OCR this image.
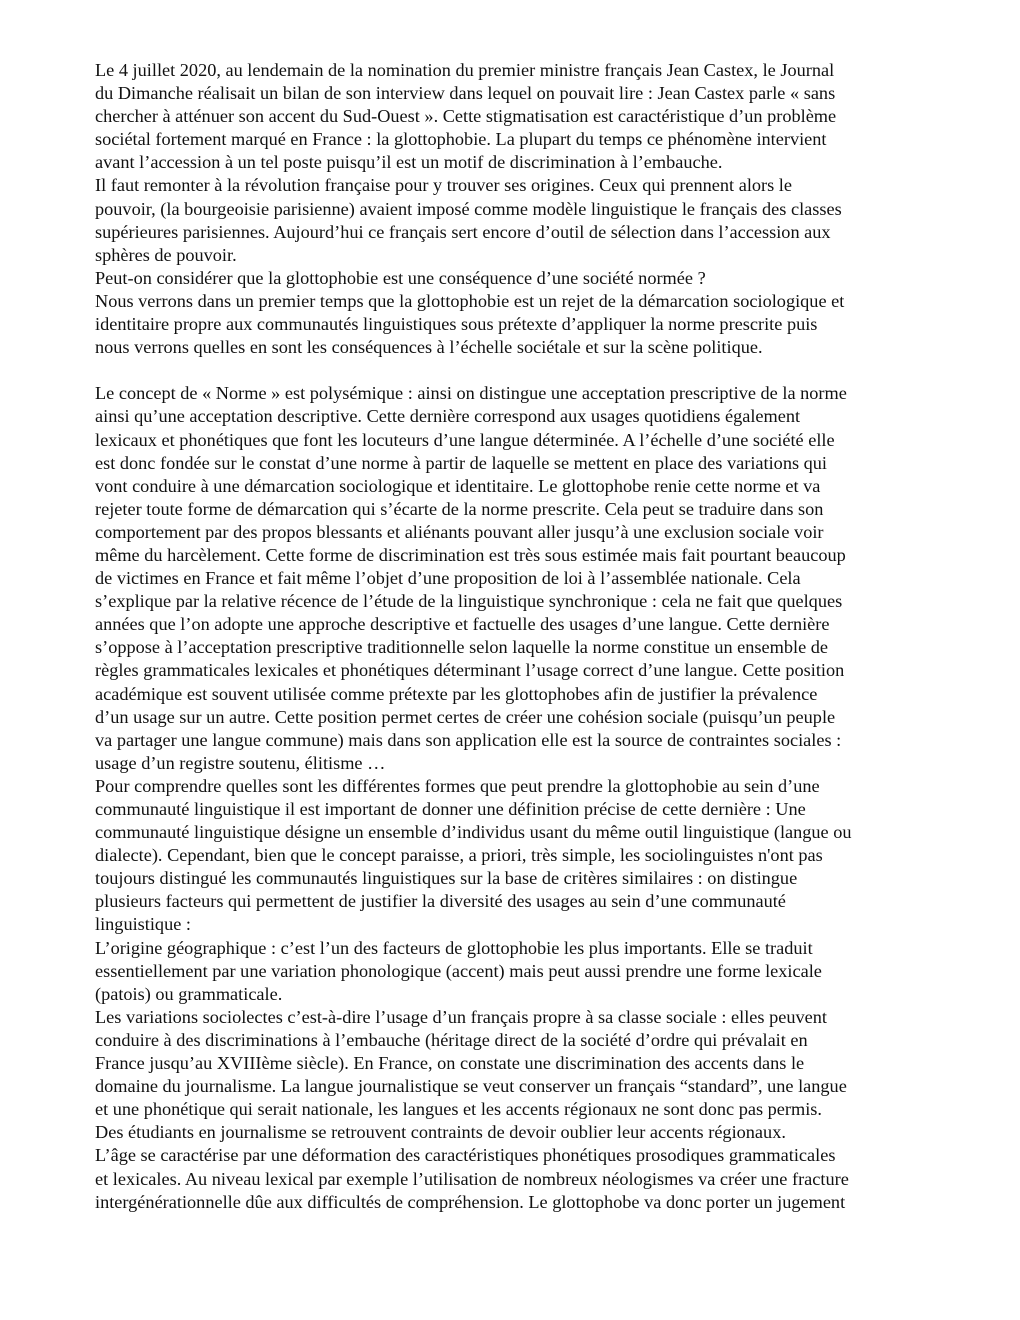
Le 4 juillet 2020, au lendemain de la nomination du premier ministre français Jean Castex, le Journal
du Dimanche réalisait un bilan de son interview dans lequel on pouvait lire : Jean Castex parle « sans
chercher à atténuer son accent du Sud-Ouest ». Cette stigmatisation est caractéristique d’un problème
sociétal fortement marqué en France : la glottophobie. La plupart du temps ce phénomène intervient
avant l’accession à un tel poste puisqu’il est un motif de discrimination à l’embauche.
Il faut remonter à la révolution française pour y trouver ses origines. Ceux qui prennent alors le
pouvoir, (la bourgeoisie parisienne) avaient imposé comme modèle linguistique le français des classes
supérieures parisiennes. Aujourd’hui ce français sert encore d’outil de sélection dans l’accession aux
sphères de pouvoir.
Peut-on considérer que la glottophobie est une conséquence d’une société normée ?
Nous verrons dans un premier temps que la glottophobie est un rejet de la démarcation sociologique et
identitaire propre aux communautés linguistiques sous prétexte d’appliquer la norme prescrite puis
nous verrons quelles en sont les conséquences à l’échelle sociétale et sur la scène politique.
Le concept de « Norme » est polysémique : ainsi on distingue une acceptation prescriptive de la norme
ainsi qu’une acceptation descriptive. Cette dernière correspond aux usages quotidiens également
lexicaux et phonétiques que font les locuteurs d’une langue déterminée. A l’échelle d’une société elle
est donc fondée sur le constat d’une norme à partir de laquelle se mettent en place des variations qui
vont conduire à une démarcation sociologique et identitaire. Le glottophobe renie cette norme et va
rejeter toute forme de démarcation qui s’écarte de la norme prescrite. Cela peut se traduire dans son
comportement par des propos blessants et aliénants pouvant aller jusqu’à une exclusion sociale voir
même du harcèlement. Cette forme de discrimination est très sous estimée mais fait pourtant beaucoup
de victimes en France et fait même l’objet d’une proposition de loi à l’assemblée nationale. Cela
s’explique par la relative récence de l’étude de la linguistique synchronique : cela ne fait que quelques
années que l’on adopte une approche descriptive et factuelle des usages d’une langue. Cette dernière
s’oppose à l’acceptation prescriptive traditionnelle selon laquelle la norme constitue un ensemble de
règles grammaticales lexicales et phonétiques déterminant l’usage correct d’une langue. Cette position
académique est souvent utilisée comme prétexte par les glottophobes afin de justifier la prévalence
d’un usage sur un autre. Cette position permet certes de créer une cohésion sociale (puisqu’un peuple
va partager une langue commune) mais dans son application elle est la source de contraintes sociales :
usage d’un registre soutenu, élitisme …
Pour comprendre quelles sont les différentes formes que peut prendre la glottophobie au sein d’une
communauté linguistique il est important de donner une définition précise de cette dernière : Une
communauté linguistique désigne un ensemble d’individus usant du même outil linguistique (langue ou
dialecte). Cependant, bien que le concept paraisse, a priori, très simple, les sociolinguistes n'ont pas
toujours distingué les communautés linguistiques sur la base de critères similaires : on distingue
plusieurs facteurs qui permettent de justifier la diversité des usages au sein d’une communauté
linguistique :
L’origine géographique : c’est l’un des facteurs de glottophobie les plus importants. Elle se traduit
essentiellement par une variation phonologique (accent) mais peut aussi prendre une forme lexicale
(patois) ou grammaticale.
Les variations sociolectes c’est-à-dire l’usage d’un français propre à sa classe sociale : elles peuvent
conduire à des discriminations à l’embauche (héritage direct de la société d’ordre qui prévalait en
France jusqu’au XVIIIème siècle). En France, on constate une discrimination des accents dans le
domaine du journalisme. La langue journalistique se veut conserver un français “standard”, une langue
et une phonétique qui serait nationale, les langues et les accents régionaux ne sont donc pas permis.
Des étudiants en journalisme se retrouvent contraints de devoir oublier leur accents régionaux.
L’âge se caractérise par une déformation des caractéristiques phonétiques prosodiques grammaticales
et lexicales. Au niveau lexical par exemple l’utilisation de nombreux néologismes va créer une fracture
intergénérationnelle dûe aux difficultés de compréhension. Le glottophobe va donc porter un jugement
